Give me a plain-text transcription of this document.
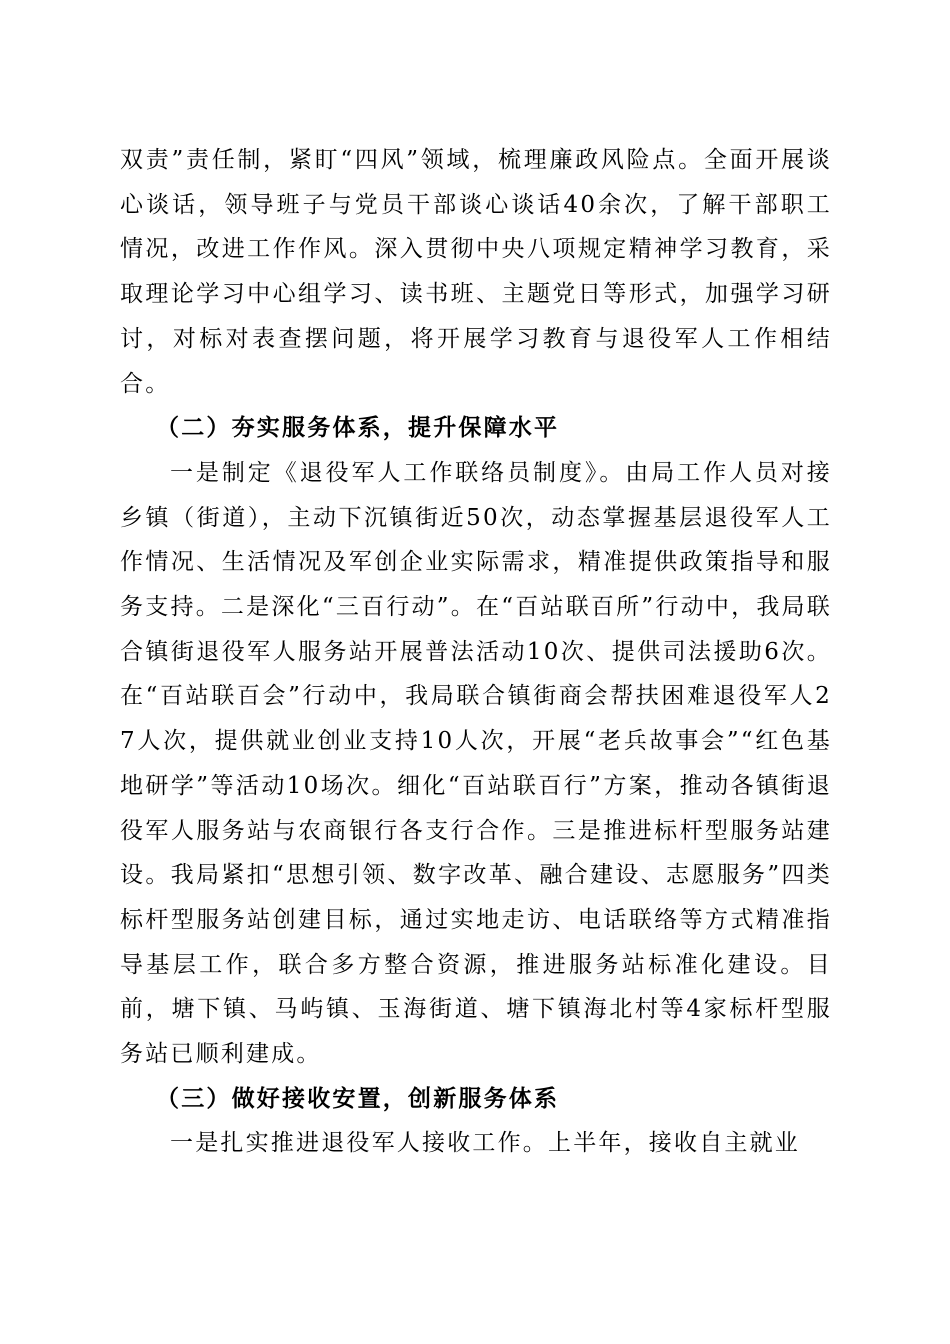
双责”责任制，紧盯“四风”领域，梳理廉政风险点。全面开展谈心谈话，领导班子与党员干部谈心谈话40余次，了解干部职工情况，改进工作作风。深入贯彻中央八项规定精神学习教育，采取理论学习中心组学习、读书班、主题党日等形式，加强学习研讨，对标对表查摆问题，将开展学习教育与退役军人工作相结合。

（二）夯实服务体系，提升保障水平

一是制定《退役军人工作联络员制度》。由局工作人员对接乡镇（街道），主动下沉镇街近50次，动态掌握基层退役军人工作情况、生活情况及军创企业实际需求，精准提供政策指导和服务支持。二是深化“三百行动”。在“百站联百所”行动中，我局联合镇街退役军人服务站开展普法活动10次、提供司法援助6次。在“百站联百会”行动中，我局联合镇街商会帮扶困难退役军人27人次，提供就业创业支持10人次，开展“老兵故事会”“红色基地研学”等活动10场次。细化“百站联百行”方案，推动各镇街退役军人服务站与农商银行各支行合作。三是推进标杆型服务站建设。我局紧扣“思想引领、数字改革、融合建设、志愿服务”四类标杆型服务站创建目标，通过实地走访、电话联络等方式精准指导基层工作，联合多方整合资源，推进服务站标准化建设。目前，塘下镇、马屿镇、玉海街道、塘下镇海北村等4家标杆型服务站已顺利建成。

（三）做好接收安置，创新服务体系

一是扎实推进退役军人接收工作。上半年，接收自主就业
